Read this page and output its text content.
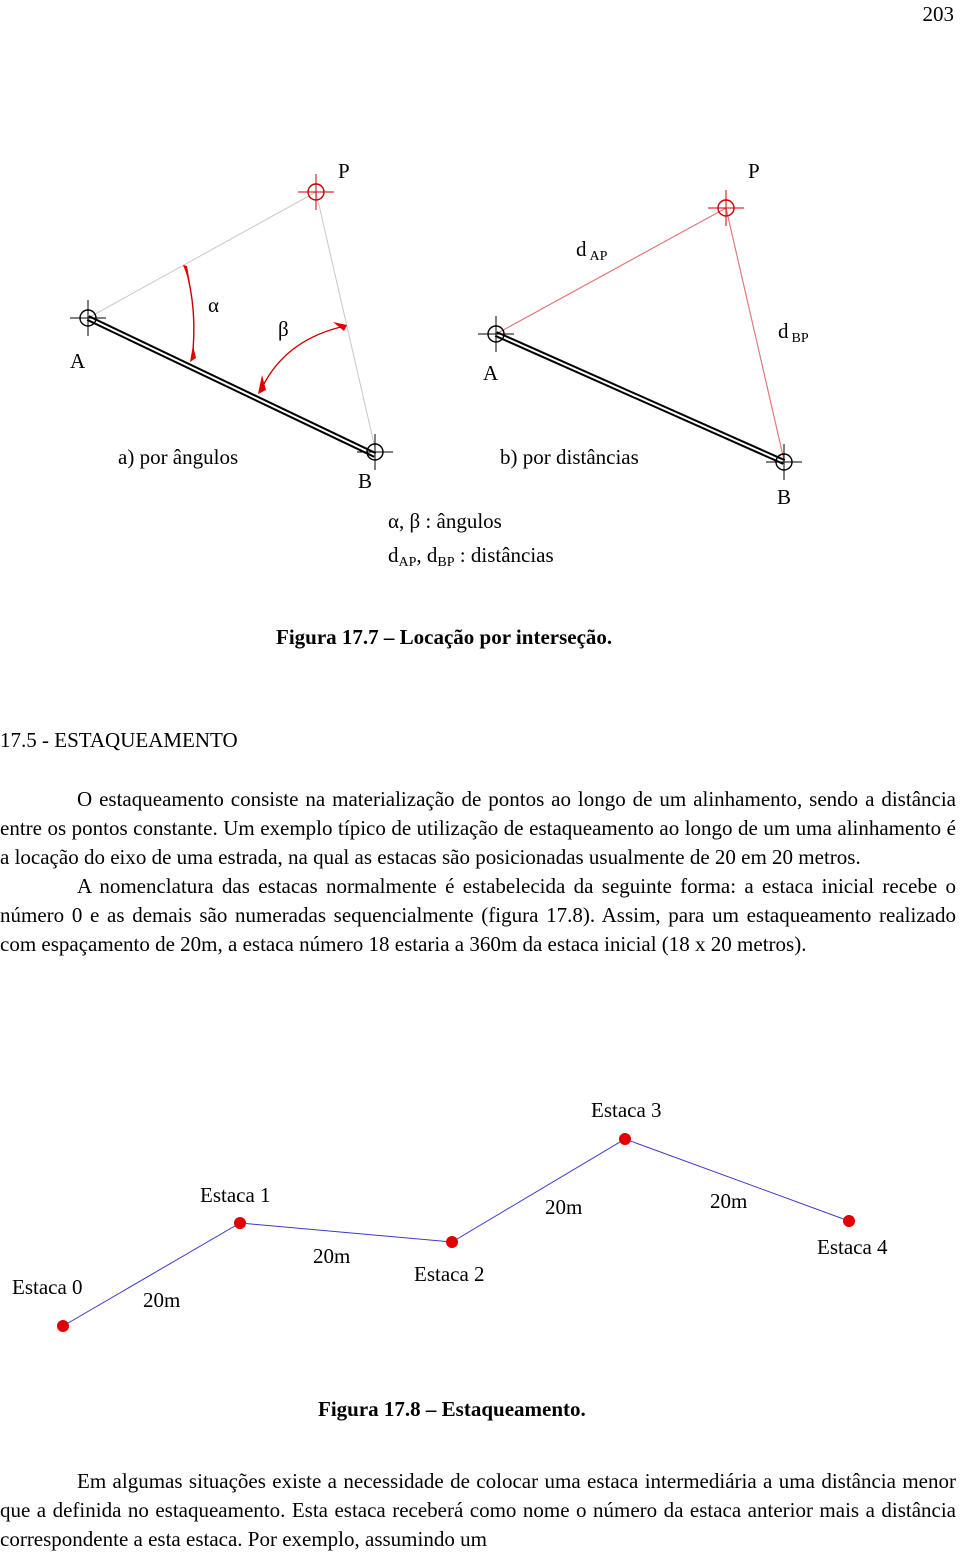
203
P	P
A	A
B
B
α
β
dAP
dBP
a) por ângulos	b) por distâncias
α, β : ângulos
dAP, dBP : distâncias
Figura 17.7 – Locação por interseção.
17.5 - ESTAQUEAMENTO

O estaqueamento consiste na materialização de pontos ao longo de um alinhamento, sendo a distância entre os pontos constante. Um exemplo típico de utilização de estaqueamento ao longo de um uma alinhamento é a locação do eixo de uma estrada, na qual as estacas são posicionadas usualmente de 20 em 20 metros.

A nomenclatura das estacas normalmente é estabelecida da seguinte forma: a estaca inicial recebe o número 0 e as demais são numeradas sequencialmente (figura 17.8). Assim, para um estaqueamento realizado com espaçamento de 20m, a estaca número 18 estaria a 360m da estaca inicial (18 x 20 metros).

Estaca 0
Estaca 1
Estaca 2
Estaca 3
Estaca 4
20m
20m
20m	20m
Figura 17.8 – Estaqueamento.

Em algumas situações existe a necessidade de colocar uma estaca intermediária a uma distância menor que a definida no estaqueamento. Esta estaca receberá como nome o número da estaca anterior mais a distância correspondente a esta estaca. Por exemplo, assumindo um
